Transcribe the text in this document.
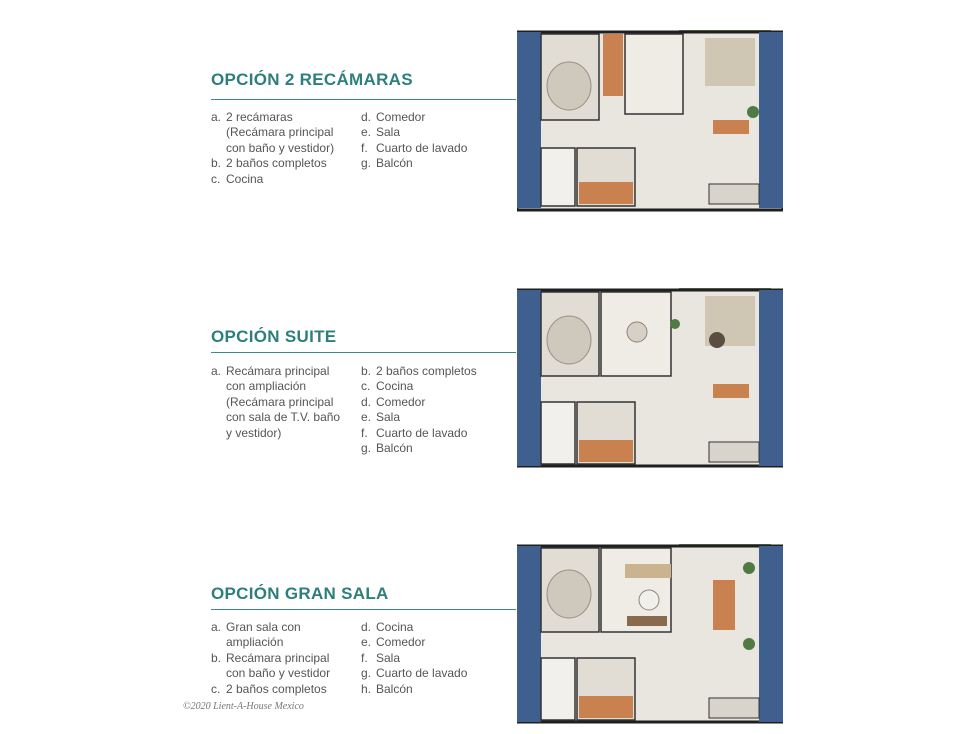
OPCIÓN 2 RECÁMARAS
a. 2 recámaras
(Recámara principal
con baño y vestidor)
b. 2 baños completos
c. Cocina
d. Comedor
e. Sala
f. Cuarto de lavado
g. Balcón
OPCIÓN SUITE
a. Recámara principal
con ampliación
(Recámara principal
con sala de T.V. baño
y vestidor)
b. 2 baños completos
c. Cocina
d. Comedor
e. Sala
f. Cuarto de lavado
g. Balcón
OPCIÓN GRAN SALA
a. Gran sala con
ampliación
b. Recámara principal
con baño y vestidor
c. 2 baños completos
d. Cocina
e. Comedor
f. Sala
g. Cuarto de lavado
h. Balcón
©2020 Lient-A-House Mexico
